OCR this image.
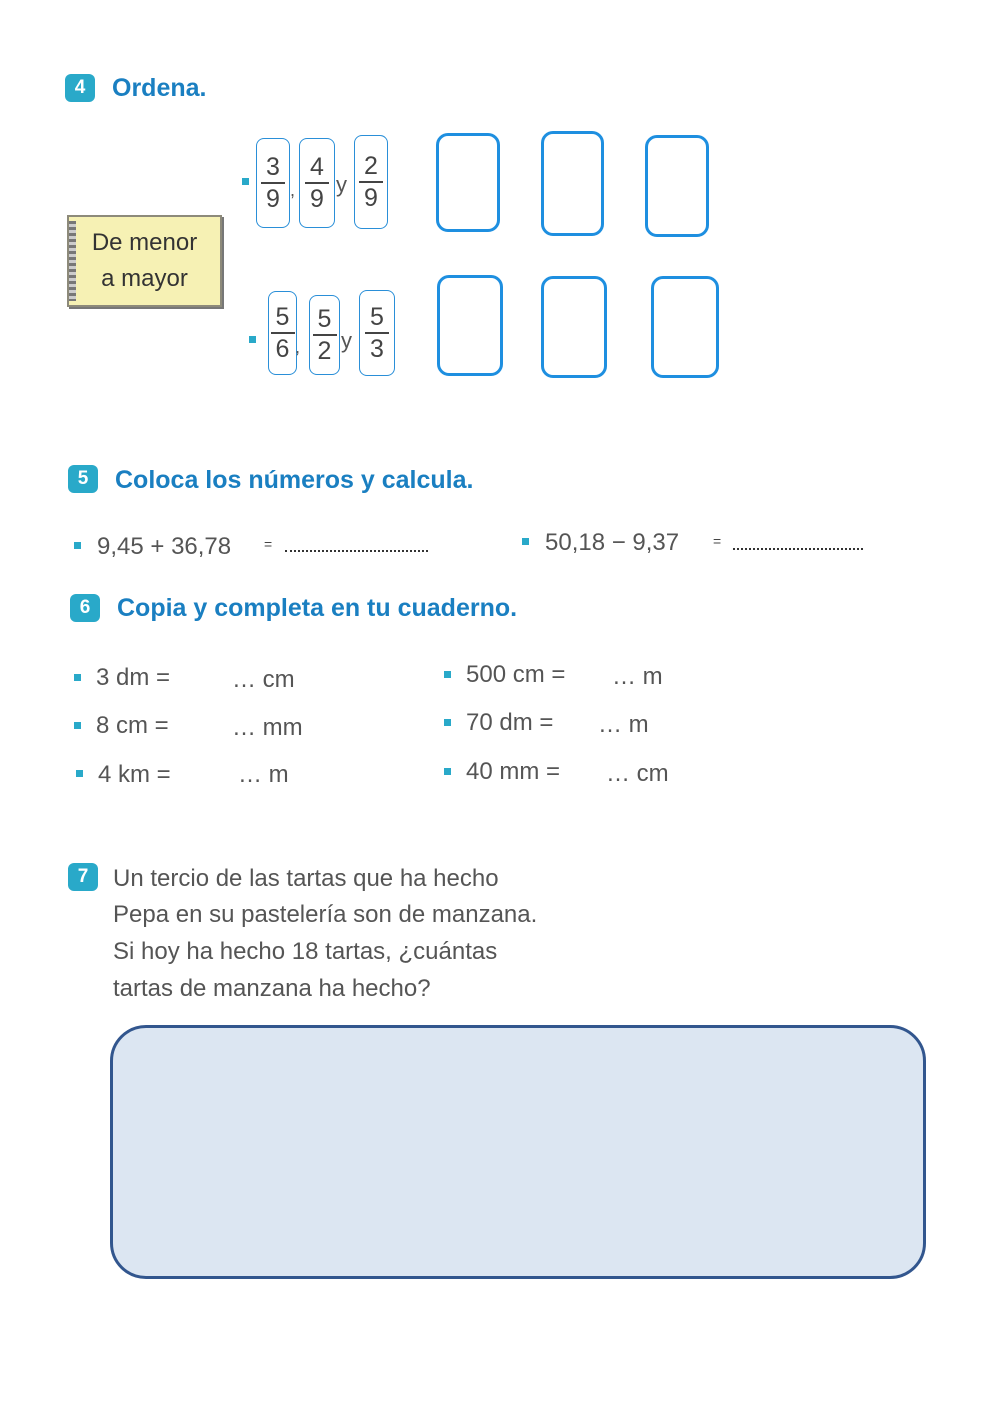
4	Ordena.
De menor
a mayor
3
9 ,
4
9
y
2
9
5
6 ,
5
2 y
5
3
5	Coloca los números y calcula.
9,45 + 36,78 =	50,18 − 9,37 =
6	Copia y completa en tu cuaderno.
3 dm =	… cm
8 cm =	… mm
4 km =	… m
500 cm = … m
70 dm = … m
40 mm = … cm
7	Un tercio de las tartas que ha hecho
Pepa en su pastelería son de manzana.
Si hoy ha hecho 18 tartas, ¿cuántas
tartas de manzana ha hecho?
